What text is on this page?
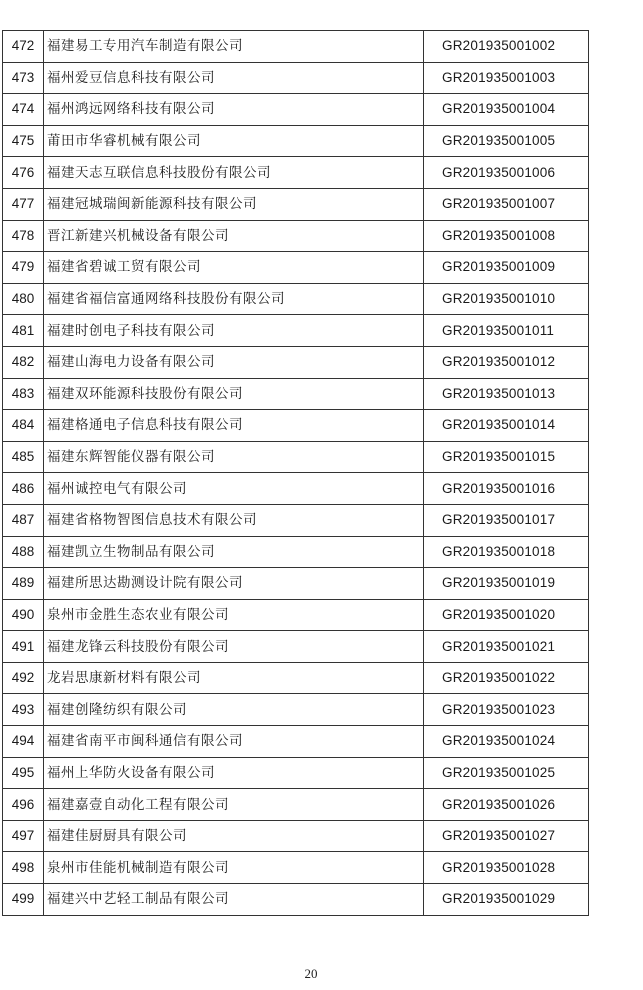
472	福建易工专用汽车制造有限公司	GR201935001002
473	福州爱豆信息科技有限公司	GR201935001003
474	福州鸿远网络科技有限公司	GR201935001004
475	莆田市华睿机械有限公司	GR201935001005
476	福建天志互联信息科技股份有限公司	GR201935001006
477	福建冠城瑞闽新能源科技有限公司	GR201935001007
478	晋江新建兴机械设备有限公司	GR201935001008
479	福建省碧诚工贸有限公司	GR201935001009
480	福建省福信富通网络科技股份有限公司	GR201935001010
481	福建时创电子科技有限公司	GR201935001011
482	福建山海电力设备有限公司	GR201935001012
483	福建双环能源科技股份有限公司	GR201935001013
484	福建格通电子信息科技有限公司	GR201935001014
485	福建东辉智能仪器有限公司	GR201935001015
486	福州诚控电气有限公司	GR201935001016
487	福建省格物智图信息技术有限公司	GR201935001017
488	福建凯立生物制品有限公司	GR201935001018
489	福建所思达勘测设计院有限公司	GR201935001019
490	泉州市金胜生态农业有限公司	GR201935001020
491	福建龙锋云科技股份有限公司	GR201935001021
492	龙岩思康新材料有限公司	GR201935001022
493	福建创隆纺织有限公司	GR201935001023
494	福建省南平市闽科通信有限公司	GR201935001024
495	福州上华防火设备有限公司	GR201935001025
496	福建嘉壹自动化工程有限公司	GR201935001026
497	福建佳厨厨具有限公司	GR201935001027
498	泉州市佳能机械制造有限公司	GR201935001028
499	福建兴中艺轻工制品有限公司	GR201935001029
20
